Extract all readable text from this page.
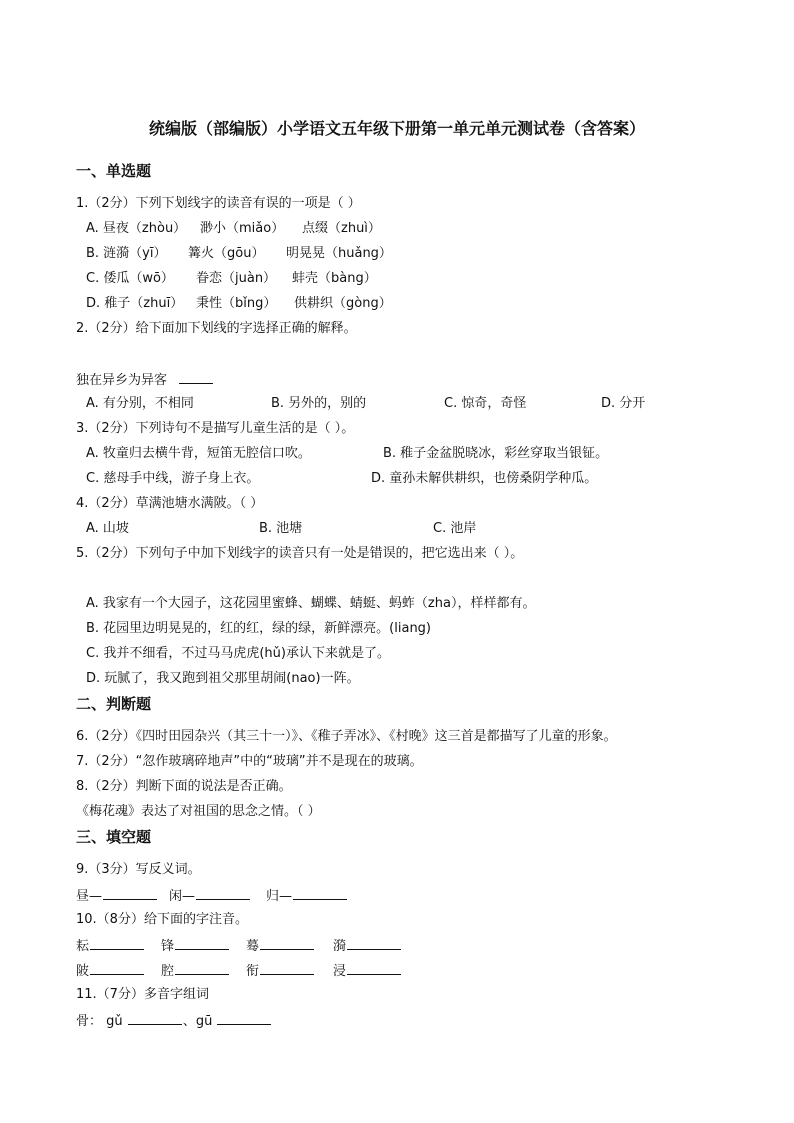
统编版（部编版）小学语文五年级下册第一单元单元测试卷（含答案）
一、单选题
1.（2分）下列下划线字的读音有误的一项是（ ）
A. 昼夜（zhòu） 渺小（miǎo） 点缀（zhuì）
B. 涟漪（yī） 篝火（gōu） 明晃晃（huǎng）
C. 倭瓜（wō） 眷恋（juàn） 蚌壳（bàng）
D. 稚子（zhuī） 秉性（bǐng） 供耕织（gòng）
2.（2分）给下面加下划线的字选择正确的解释。
独在异乡为异客
A. 有分别，不相同	B. 另外的，别的	C. 惊奇，奇怪	D. 分开
3.（2分）下列诗句不是描写儿童生活的是（ ）。
A. 牧童归去横牛背，短笛无腔信口吹。	B. 稚子金盆脱晓冰，彩丝穿取当银钲。
C. 慈母手中线，游子身上衣。	D. 童孙未解供耕织，也傍桑阴学种瓜。
4.（2分）草满池塘水满陂。（ ）
A. 山坡	B. 池塘	C. 池岸
5.（2分）下列句子中加下划线字的读音只有一处是错误的，把它选出来（ ）。
A. 我家有一个大园子，这花园里蜜蜂、蝴蝶、蜻蜓、蚂蚱（zha），样样都有。
B. 花园里边明晃晃的，红的红，绿的绿，新鲜漂亮。(liang)
C. 我并不细看，不过马马虎虎(hǔ)承认下来就是了。
D. 玩腻了，我又跑到祖父那里胡闹(nao)一阵。
二、判断题
6.（2分）《四时田园杂兴（其三十一）》、《稚子弄冰》、《村晚》这三首是都描写了儿童的形象。
7.（2分）“忽作玻璃碎地声”中的“玻璃”并不是现在的玻璃。
8.（2分）判断下面的说法是否正确。
《梅花魂》表达了对祖国的思念之情。（ ）
三、填空题
9.（3分）写反义词。
昼—	闲—	归—
10.（8分）给下面的字注音。
耘	锋	蓦	漪
陂	腔	衔	浸
11.（7分）多音字组词
骨： gǔ	、gū
